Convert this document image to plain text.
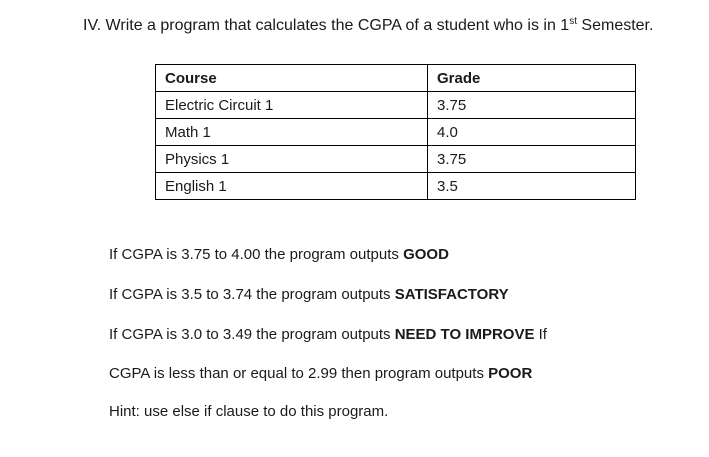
IV. Write a program that calculates the CGPA of a student who is in 1st Semester.
Course	Grade
Electric Circuit 1	3.75
Math 1	4.0
Physics 1	3.75
English 1	3.5
If CGPA is 3.75 to 4.00 the program outputs GOOD
If CGPA is 3.5 to 3.74 the program outputs SATISFACTORY
If CGPA is 3.0 to 3.49 the program outputs NEED TO IMPROVE If
CGPA is less than or equal to 2.99 then program outputs POOR
Hint: use else if clause to do this program.
